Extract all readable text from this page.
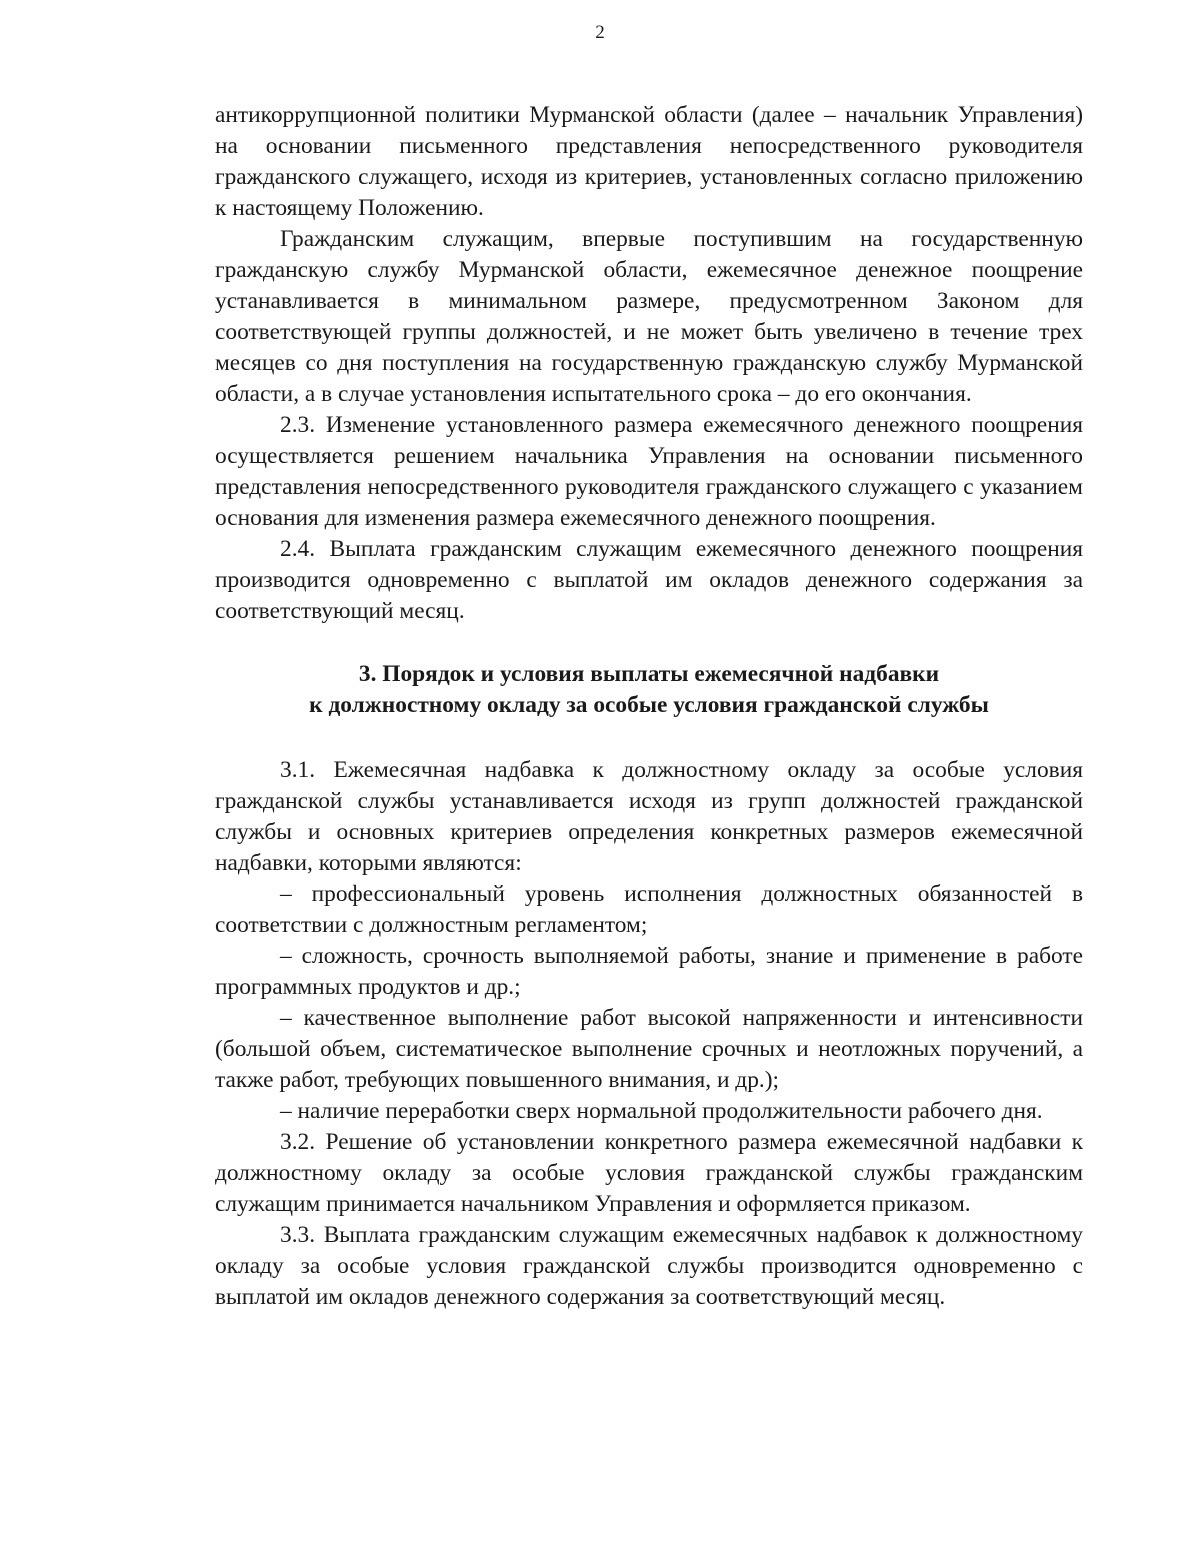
2

антикоррупционной политики Мурманской области (далее – начальник Управления) на основании письменного представления непосредственного руководителя гражданского служащего, исходя из критериев, установленных согласно приложению к настоящему Положению.

Гражданским служащим, впервые поступившим на государственную гражданскую службу Мурманской области, ежемесячное денежное поощрение устанавливается в минимальном размере, предусмотренном Законом для соответствующей группы должностей, и не может быть увеличено в течение трех месяцев со дня поступления на государственную гражданскую службу Мурманской области, а в случае установления испытательного срока – до его окончания.

2.3. Изменение установленного размера ежемесячного денежного поощрения осуществляется решением начальника Управления на основании письменного представления непосредственного руководителя гражданского служащего с указанием основания для изменения размера ежемесячного денежного поощрения.

2.4. Выплата гражданским служащим ежемесячного денежного поощрения производится одновременно с выплатой им окладов денежного содержания за соответствующий месяц.

3. Порядок и условия выплаты ежемесячной надбавки
к должностному окладу за особые условия гражданской службы

3.1. Ежемесячная надбавка к должностному окладу за особые условия гражданской службы устанавливается исходя из групп должностей гражданской службы и основных критериев определения конкретных размеров ежемесячной надбавки, которыми являются:

– профессиональный уровень исполнения должностных обязанностей в соответствии с должностным регламентом;

– сложность, срочность выполняемой работы, знание и применение в работе программных продуктов и др.;

– качественное выполнение работ высокой напряженности и интенсивности (большой объем, систематическое выполнение срочных и неотложных поручений, а также работ, требующих повышенного внимания, и др.);

– наличие переработки сверх нормальной продолжительности рабочего дня.

3.2. Решение об установлении конкретного размера ежемесячной надбавки к должностному окладу за особые условия гражданской службы гражданским служащим принимается начальником Управления и оформляется приказом.

3.3. Выплата гражданским служащим ежемесячных надбавок к должностному окладу за особые условия гражданской службы производится одновременно с выплатой им окладов денежного содержания за соответствующий месяц.
